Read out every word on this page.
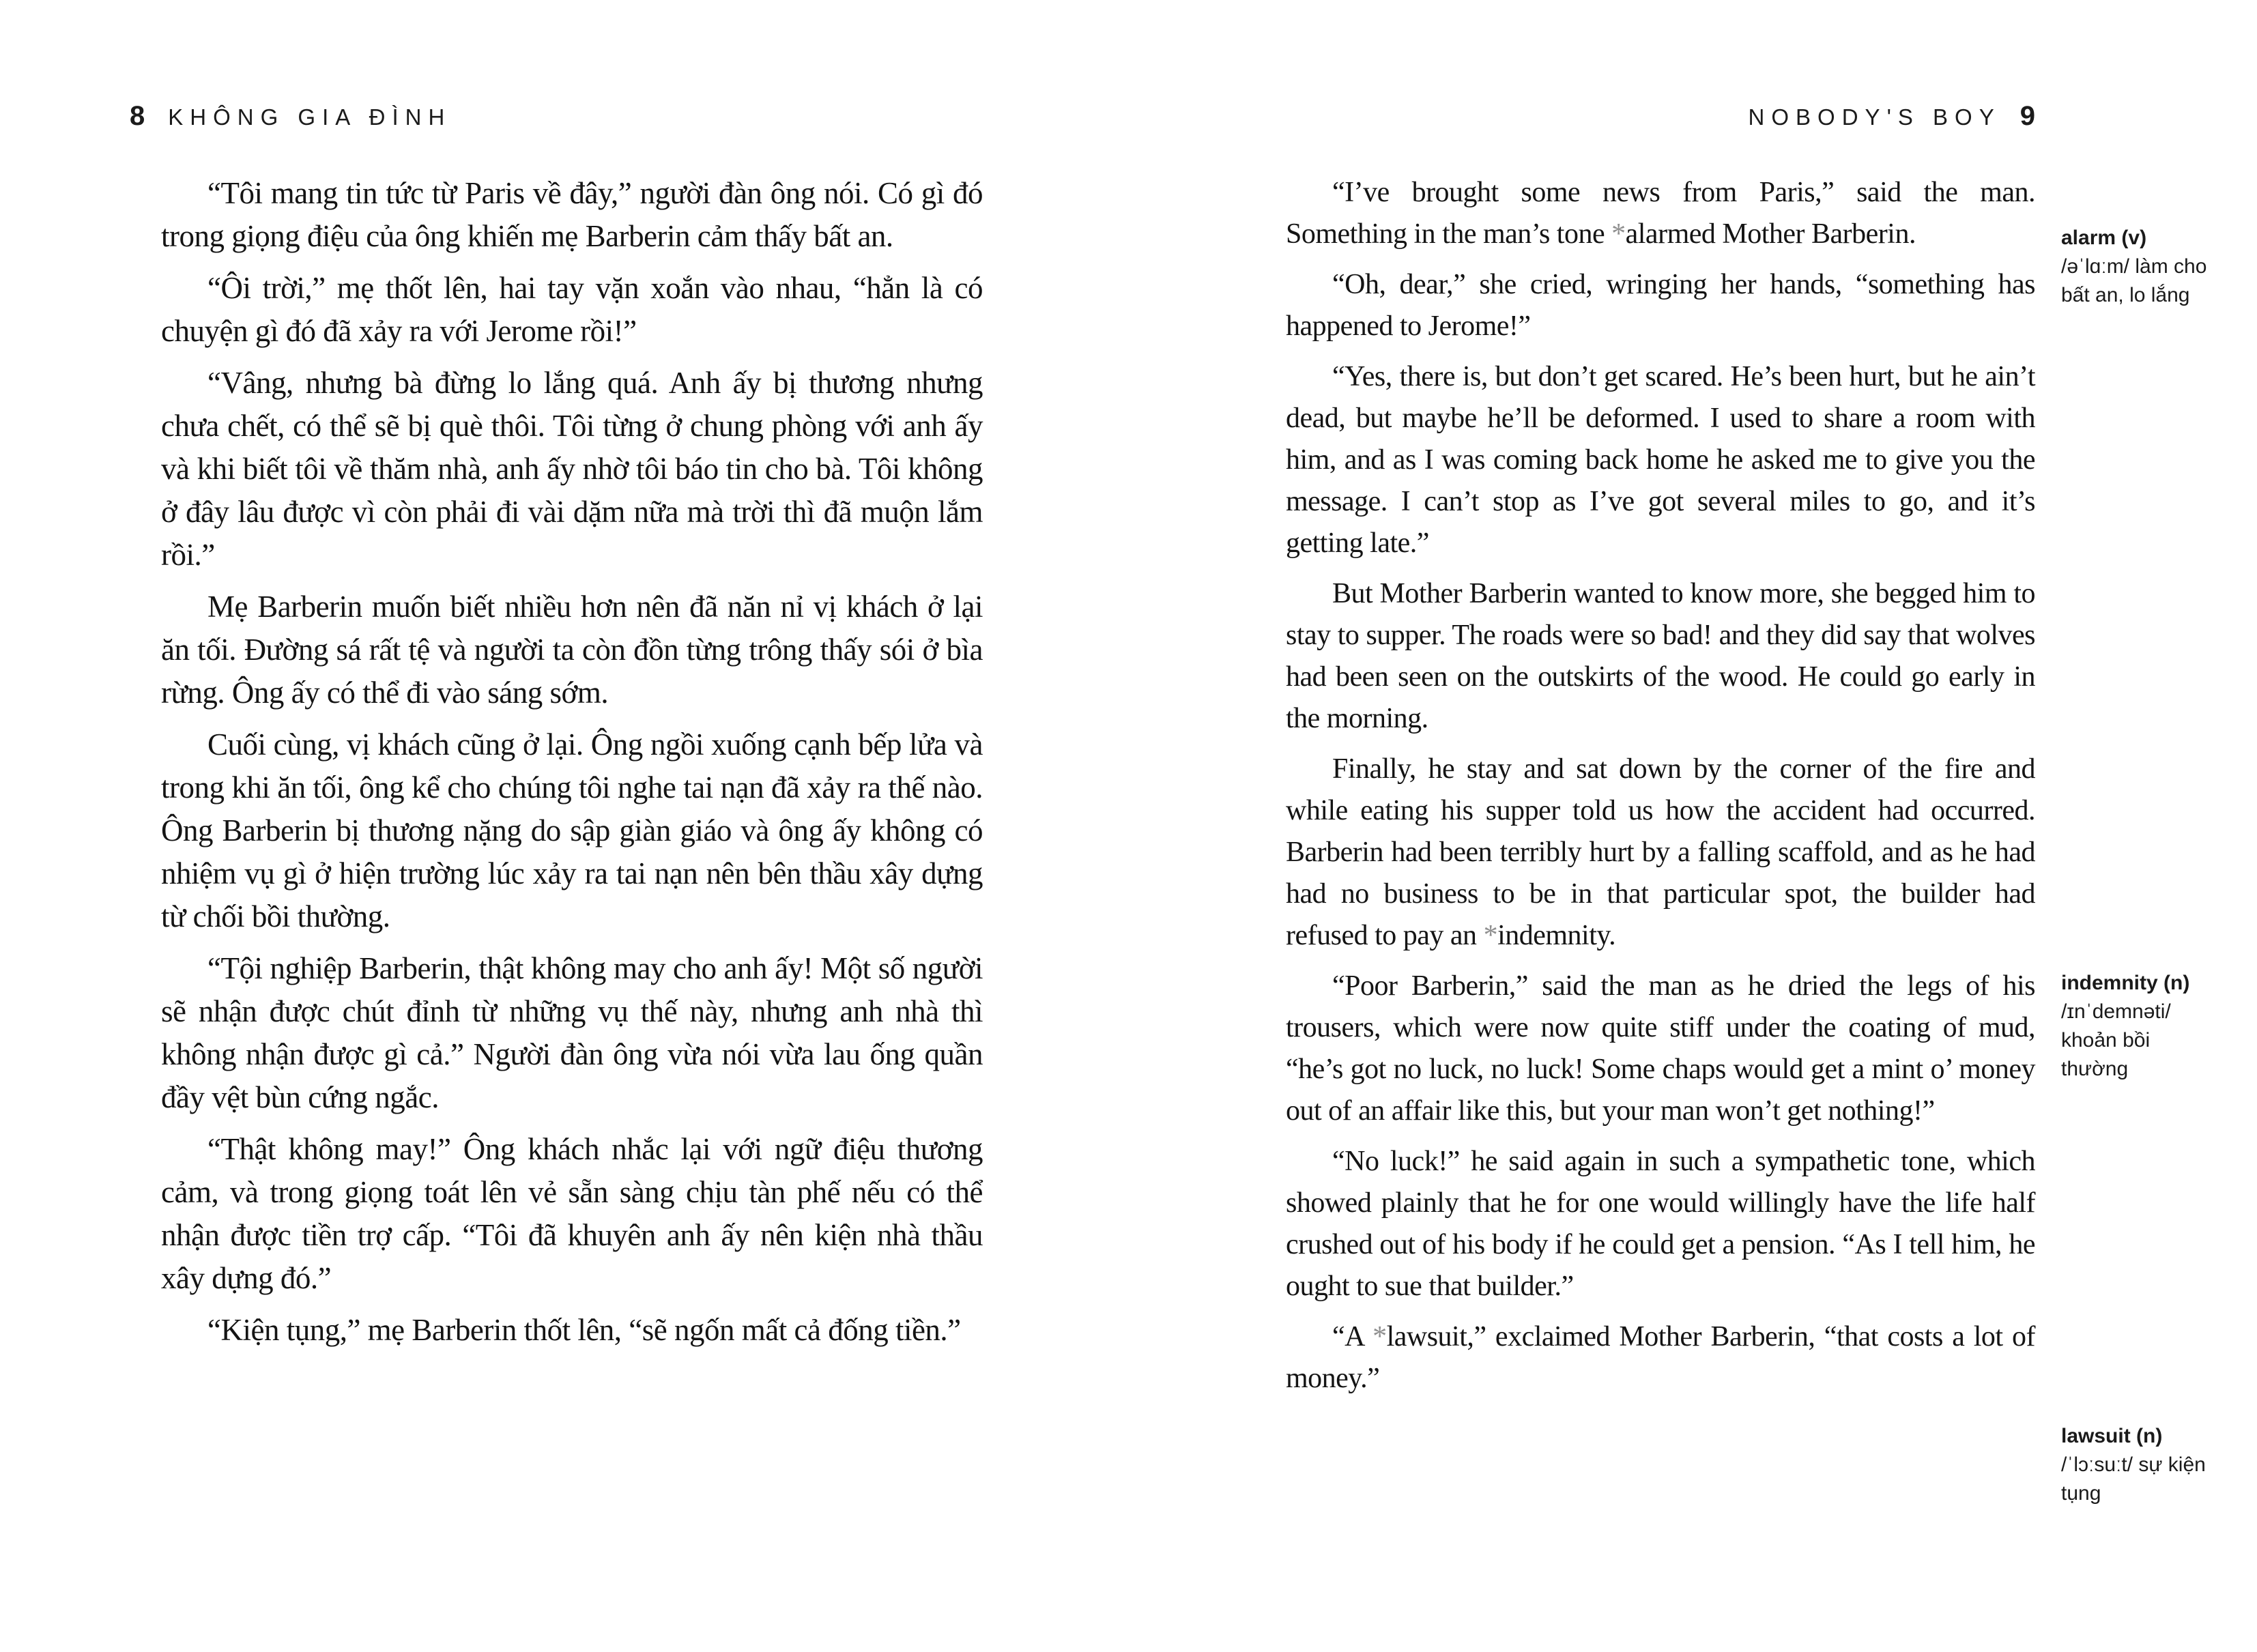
8 KHÔNG GIA ĐÌNH	NOBODY'S BOY 9

“Tôi mang tin tức từ Paris về đây,” người đàn ông nói. Có gì đó trong giọng điệu của ông khiến mẹ Barberin cảm thấy bất an.

“Ôi trời,” mẹ thốt lên, hai tay vặn xoắn vào nhau, “hẳn là có chuyện gì đó đã xảy ra với Jerome rồi!”

“Vâng, nhưng bà đừng lo lắng quá. Anh ấy bị thương nhưng chưa chết, có thể sẽ bị què thôi. Tôi từng ở chung phòng với anh ấy và khi biết tôi về thăm nhà, anh ấy nhờ tôi báo tin cho bà. Tôi không ở đây lâu được vì còn phải đi vài dặm nữa mà trời thì đã muộn lắm rồi.”

Mẹ Barberin muốn biết nhiều hơn nên đã năn nỉ vị khách ở lại ăn tối. Đường sá rất tệ và người ta còn đồn từng trông thấy sói ở bìa rừng. Ông ấy có thể đi vào sáng sớm.

Cuối cùng, vị khách cũng ở lại. Ông ngồi xuống cạnh bếp lửa và trong khi ăn tối, ông kể cho chúng tôi nghe tai nạn đã xảy ra thế nào. Ông Barberin bị thương nặng do sập giàn giáo và ông ấy không có nhiệm vụ gì ở hiện trường lúc xảy ra tai nạn nên bên thầu xây dựng từ chối bồi thường.

“Tội nghiệp Barberin, thật không may cho anh ấy! Một số người sẽ nhận được chút đỉnh từ những vụ thế này, nhưng anh nhà thì không nhận được gì cả.” Người đàn ông vừa nói vừa lau ống quần đầy vệt bùn cứng ngắc.

“Thật không may!” Ông khách nhắc lại với ngữ điệu thương cảm, và trong giọng toát lên vẻ sẵn sàng chịu tàn phế nếu có thể nhận được tiền trợ cấp. “Tôi đã khuyên anh ấy nên kiện nhà thầu xây dựng đó.”

“Kiện tụng,” mẹ Barberin thốt lên, “sẽ ngốn mất cả đống tiền.”

“I’ve brought some news from Paris,” said the man. Something in the man’s tone *alarmed Mother Barberin.

“Oh, dear,” she cried, wringing her hands, “something has happened to Jerome!”

“Yes, there is, but don’t get scared. He’s been hurt, but he ain’t dead, but maybe he’ll be deformed. I used to share a room with him, and as I was coming back home he asked me to give you the message. I can’t stop as I’ve got several miles to go, and it’s getting late.”

But Mother Barberin wanted to know more, she begged him to stay to supper. The roads were so bad! and they did say that wolves had been seen on the outskirts of the wood. He could go early in the morning.

Finally, he stay and sat down by the corner of the fire and while eating his supper told us how the accident had occurred. Barberin had been terribly hurt by a falling scaffold, and as he had had no business to be in that particular spot, the builder had refused to pay an *indemnity.

“Poor Barberin,” said the man as he dried the legs of his trousers, which were now quite stiff under the coating of mud, “he’s got no luck, no luck! Some chaps would get a mint o’ money out of an affair like this, but your man won’t get nothing!”

“No luck!” he said again in such a sympathetic tone, which showed plainly that he for one would willingly have the life half crushed out of his body if he could get a pension. “As I tell him, he ought to sue that builder.”

“A *lawsuit,” exclaimed Mother Barberin, “that costs a lot of money.”

alarm (v)
/əˈlɑːm/ làm cho bất an, lo lắng
indemnity (n)
/ɪnˈdemnəti/ khoản bồi thường
lawsuit (n)
/ˈlɔːsuːt/ sự kiện tụng
